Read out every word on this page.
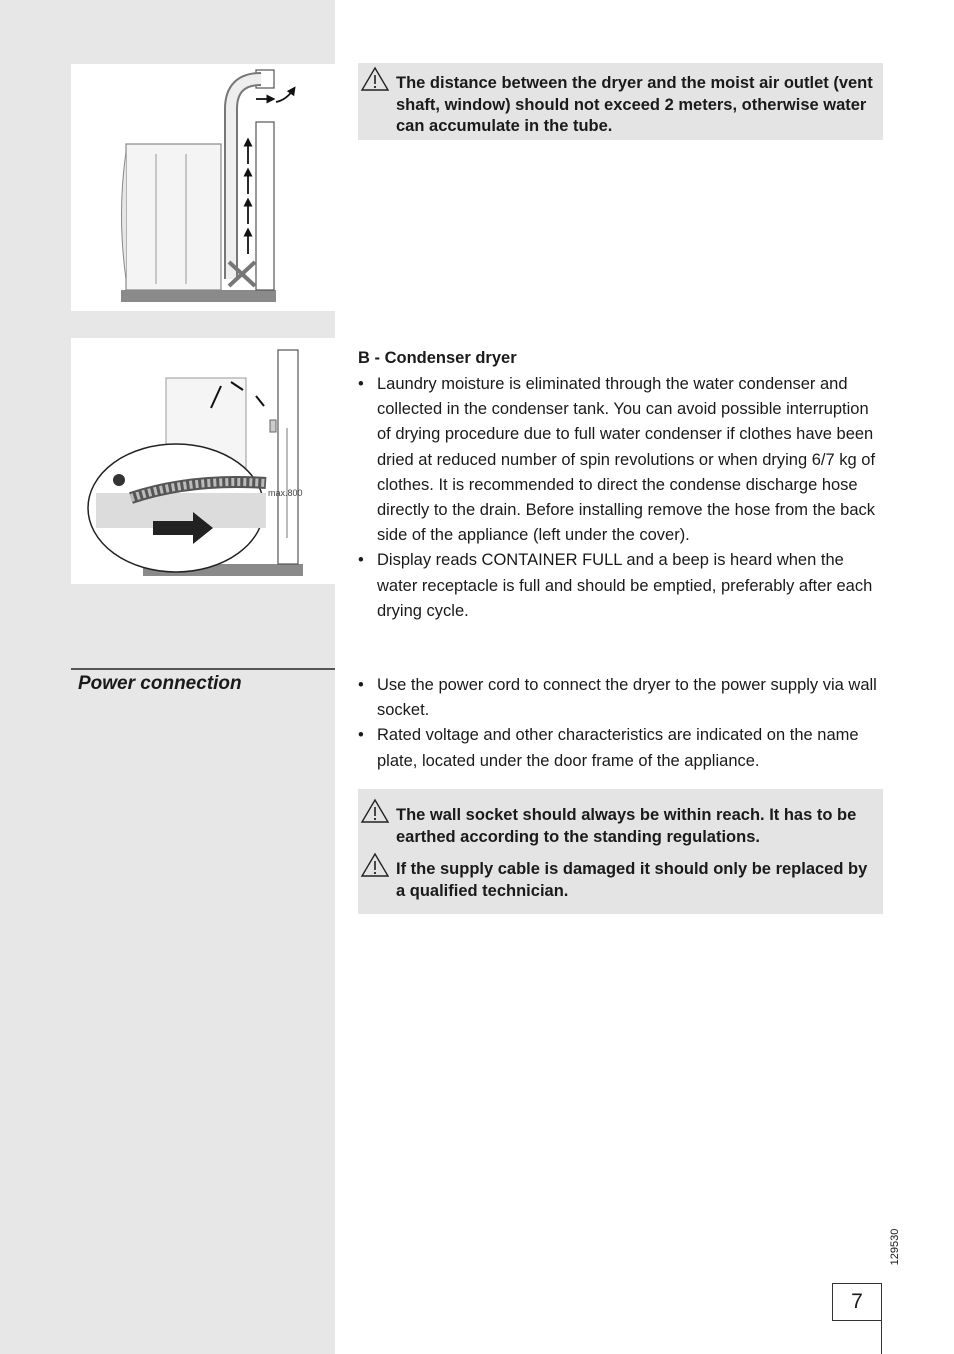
max.800
The distance between the dryer and the moist air outlet (vent shaft, window) should not exceed 2 meters, otherwise water can accumulate in the tube.
B - Condenser dryer
• Laundry moisture is eliminated through the water condenser and collected in the condenser tank. You can avoid possible interruption of drying procedure due to full water condenser if clothes have been dried at reduced number of spin revolutions or when drying 6/7 kg of clothes. It is recommended to direct the condense discharge hose directly to the drain. Before installing remove the hose from the back side of the appliance (left under the cover).
• Display reads CONTAINER FULL and a beep is heard when the water receptacle is full and should be emptied, preferably after each drying cycle.
Power connection
•	Use the power cord to connect the dryer to the power supply via wall socket.
• Rated voltage and other characteristics are indicated on the name plate, located under the door frame of the appliance.
The wall socket should always be within reach. It has to be earthed according to the standing regulations.
If the supply cable is damaged it should only be replaced by a qualified technician.
129530
7
